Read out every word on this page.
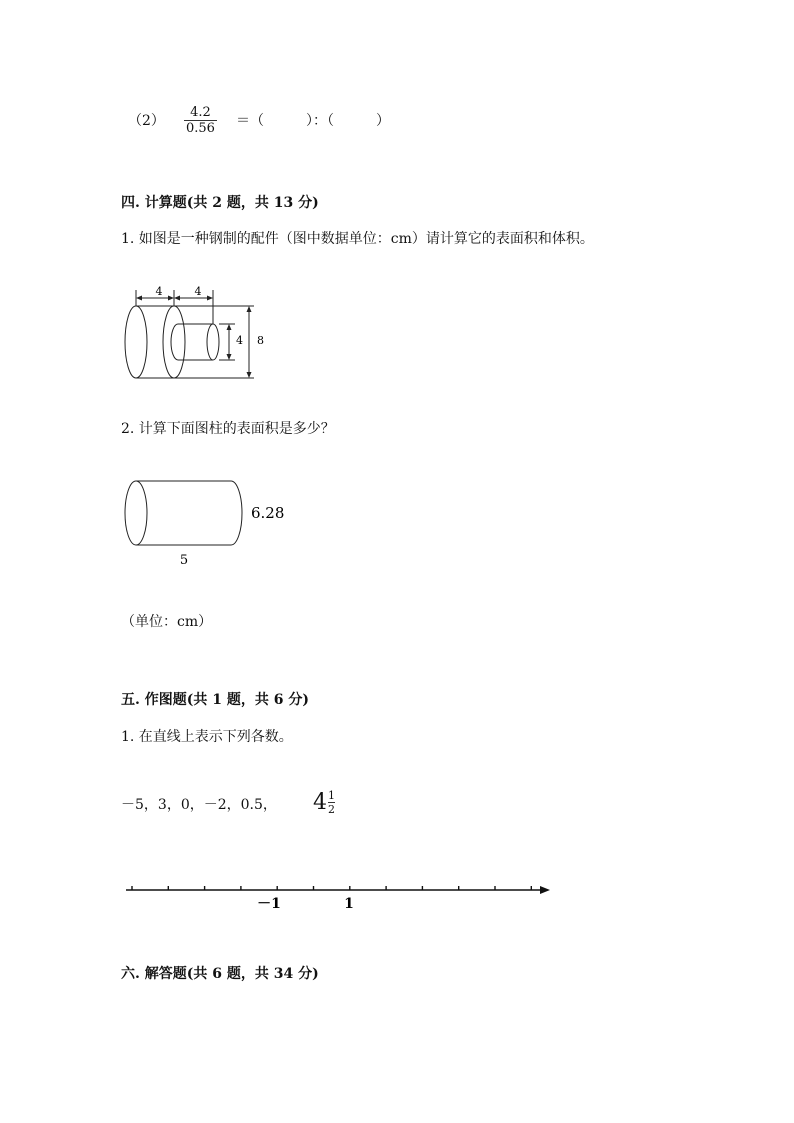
$(2) \frac{4.2}{0.56}$ ＝（　　　）：（　　　）
四. 计算题(共 2 题，共 13 分)
1. 如图是一种钢制的配件（图中数据单位：cm）请计算它的表面积和体积。
4	4
4 8
2. 计算下面图柱的表面积是多少？
6.28
5
（单位：cm）
五. 作图题(共 1 题，共 6 分)
1. 在直线上表示下列各数。
－5，3，0，－2，0.5， $4 \frac{1}{2}$
－1	1
六. 解答题(共 6 题，共 34 分)
